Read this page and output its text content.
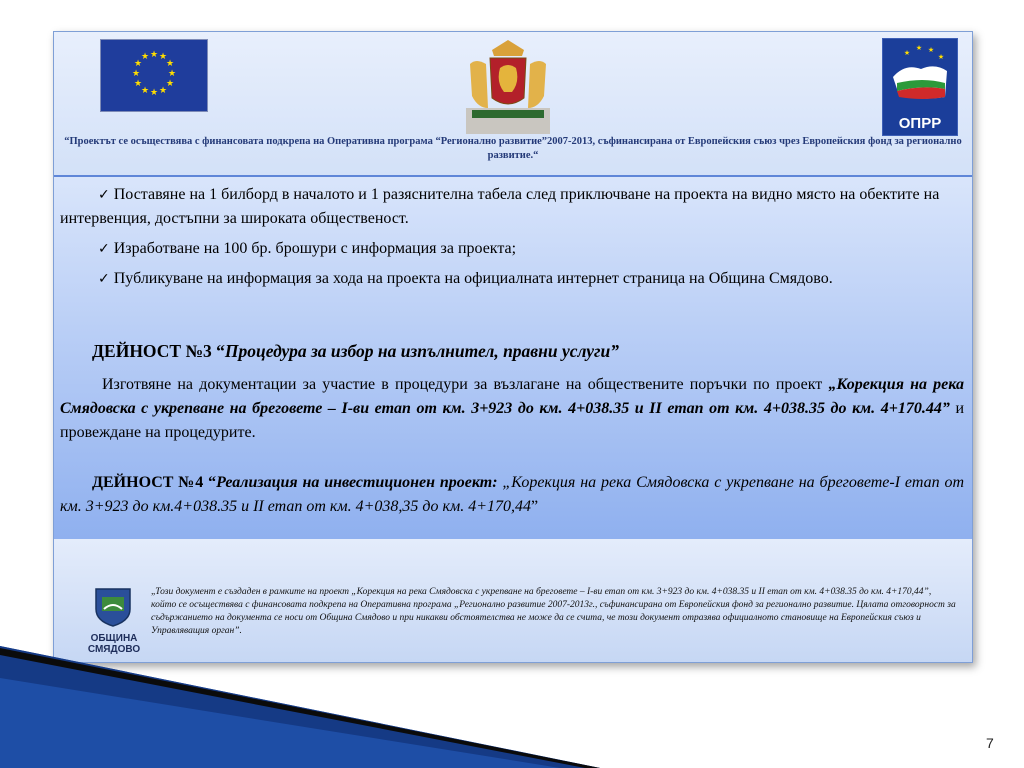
★ ★
★
★
★
★
★
★
★
★
★
★	★
★ ★
★
ОПРР
“Проектът се осъществява с финансовата подкрепа на Оперативна програма “Регионално развитие”2007-2013, съфинансирана от Европейския съюз чрез Европейския фонд за регионално развитие.“
✓ Поставяне на 1 билборд в началото и 1 разяснителна табела след приключване на проекта на видно място на обектите на интервенция, достъпни за широката общественост.
✓ Изработване на 100 бр. брошури с информация за проекта;
✓ Публикуване на информация за хода на проекта на официалната интернет страница на Община Смядово.
ДЕЙНОСТ №3 “Процедура за избор на изпълнител, правни услуги”
Изготвяне на документации за участие в процедури за възлагане на обществените поръчки по проект „Корекция на река Смядовска с укрепване на бреговете – I-ви етап от км. 3+923 до км. 4+038.35 и II етап от км. 4+038.35 до км. 4+170.44” и провеждане на процедурите.
ДЕЙНОСТ №4 “Реализация на инвестиционен проект: „Корекция на река Смядовска с укрепване на бреговете-I етап от км. 3+923 до км.4+038.35 и II етап от км. 4+038,35 до км. 4+170,44”
ОБЩИНА СМЯДОВО
„Този документ е създаден в рамките на проект „Корекция на река Смядовска с укрепване на бреговете – I-ви етап от км. 3+923 до км. 4+038.35 и II етап от км. 4+038.35 до км. 4+170,44”, който се осъществява с финансовата подкрепа на Оперативна програма „Регионално развитие 2007-2013г., съфинансирана от Европейския фонд за регионално развитие. Цялата отговорност за съдържанието на документа се носи от Община Смядово и при никакви обстоятелства не може да се счита, че този документ отразява официалното становище на Европейския съюз и Управляващия орган”.
7
